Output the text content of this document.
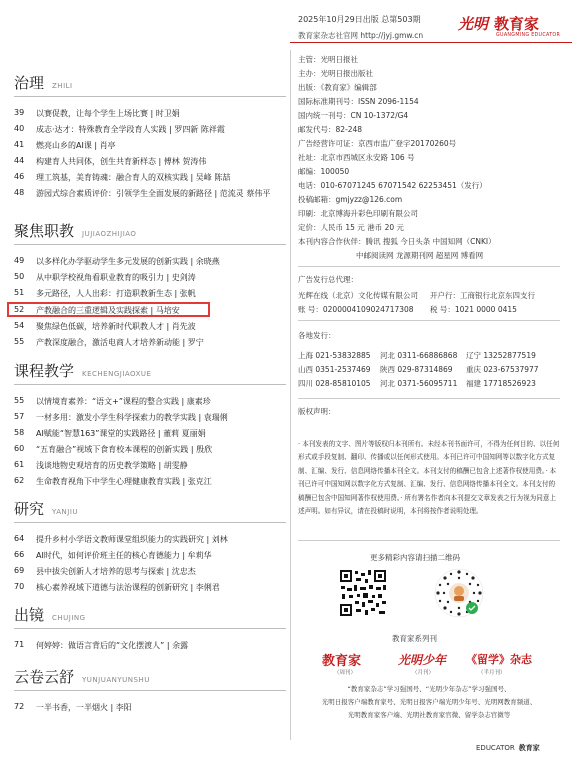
2025年10月29日出版 总第503期
教育家杂志社官网 http://jyj.gmw.cn
光明 教育家
GUANGMING EDUCATOR
治理 ZHILI
39	以赛促教，让每个学生上场比赛 | 时卫娟
40	成志·达才：特殊教育全学段育人实践 | 罗四新 陈祥霞
41	燃亮山乡的AI课 | 肖亭
44	构建育人共同体，创生共育新样态 | 傅林 贺涛伟
46	理工筑基，美育铸魂：融合育人的双核实践 | 吴峰 陈喆
48	游园式综合素质评价：引领学生全面发展的新路径 | 范流灵 蔡伟平
聚焦职教 JUJIAOZHIJIAO
49	以多样化办学驱动学生多元发展的创新实践 | 余晓燕
50	从中职学校视角看职业教育的吸引力 | 史剑涛
51	多元路径，人人出彩：打造职教新生态 | 张帆
52	产教融合的三重逻辑及实践探索 | 马培安
54	聚焦绿色低碳，培养新时代职教人才 | 肖先波
55	产教深度融合，激活电商人才培养新动能 | 罗宁
课程教学 KECHENGJIAOXUE
55	以情境育素养：“语文+”课程的整合实践 | 康素珍
57	一材多用：激发小学生科学探索力的教学实践 | 袁瑞俐
58	AI赋能“智慧163”课堂的实践路径 | 董莉 夏丽娟
60	“五育融合”视域下食育校本课程的创新实践 | 殷欣
61	浅谈地物史观培育的历史教学策略 | 胡雯静
62	生命教育视角下中学生心理健康教育实践 | 张克江
研究 YANJIU
64	提升乡村小学语文教师课堂组织能力的实践研究 | 刘林
66	AI时代，如何评价班主任的核心育德能力 | 牟莉华
69	县中拔尖创新人才培养的思考与探索 | 沈忠杰
70	核心素养视域下道德与法治课程的创新研究 | 李俐君
出镜 CHUJING
71	何婷婷：做语言背后的“文化摆渡人” | 余露
云卷云舒 YUNJUANYUNSHU
72	一半书香，一半烟火 | 李阳
主管：光明日报社
主办：光明日报出版社
出版：《教育家》编辑部
国际标准期刊号：ISSN 2096-1154
国内统一刊号：CN 10-1372/G4
邮发代号：82-248
广告经营许可证：京西市监广登字20170260号
社址：北京市西城区永安路 106 号
邮编：100050
电话：010-67071245 67071542 62253451（发行）
投稿邮箱：gmjyzz@126.com
印刷：北京博海升彩色印刷有限公司
定价：人民币 15 元 港币 20 元
本刊内容合作伙伴：腾讯 搜狐 今日头条 中国知网（CNKI）
中邮阅读网 龙源期刊网 超星网 博看网
广告发行总代理：
光辉在线（北京）文化传媒有限公司 开户行：工商银行北京东四支行
账 号：0200004109024717308 税 号：1021 0000 0415
各地发行：
上海 021-53832885 河北 0311-66886868 辽宁 13252877519
山西 0351-2537469 陕西 029-87314869 重庆 023-67537977
四川 028-85810105 河北 0371-56095711 福建 17718526923
版权声明：
· 本刊发表的文字、图片等版权归本刊所有。未经本刊书面许可，不得为任何目的、以任何形式或手段复制、翻印、传播或以任何形式使用。本刊已许可中国知网等以数字化方式复制、汇编、发行、信息网络传播本刊全文。本刊支付的稿酬已包含上述著作权使用费。· 本刊已许可中国知网以数字化方式复制、汇编、发行、信息网络传播本刊全文。本刊支付的稿酬已包含中国知网著作权使用费。· 所有署名作者向本刊提交文章发表之行为视为同意上述声明。如有异议，请在投稿时说明，本刊将按作者说明处理。
更多精彩内容请扫描二维码
教育家系列刊
教育家
（周刊）
光明少年
（月刊）
《留学》杂志
（半月刊）
“教育家杂志”学习强国号、“光明少年杂志”学习强国号、
光明日报客户端教育家号、光明日报客户端光明少年号、光明网教育频道、
光明教育家客户端、光明社教育家官微、留学杂志官微等
EDUCATOR 教育家
